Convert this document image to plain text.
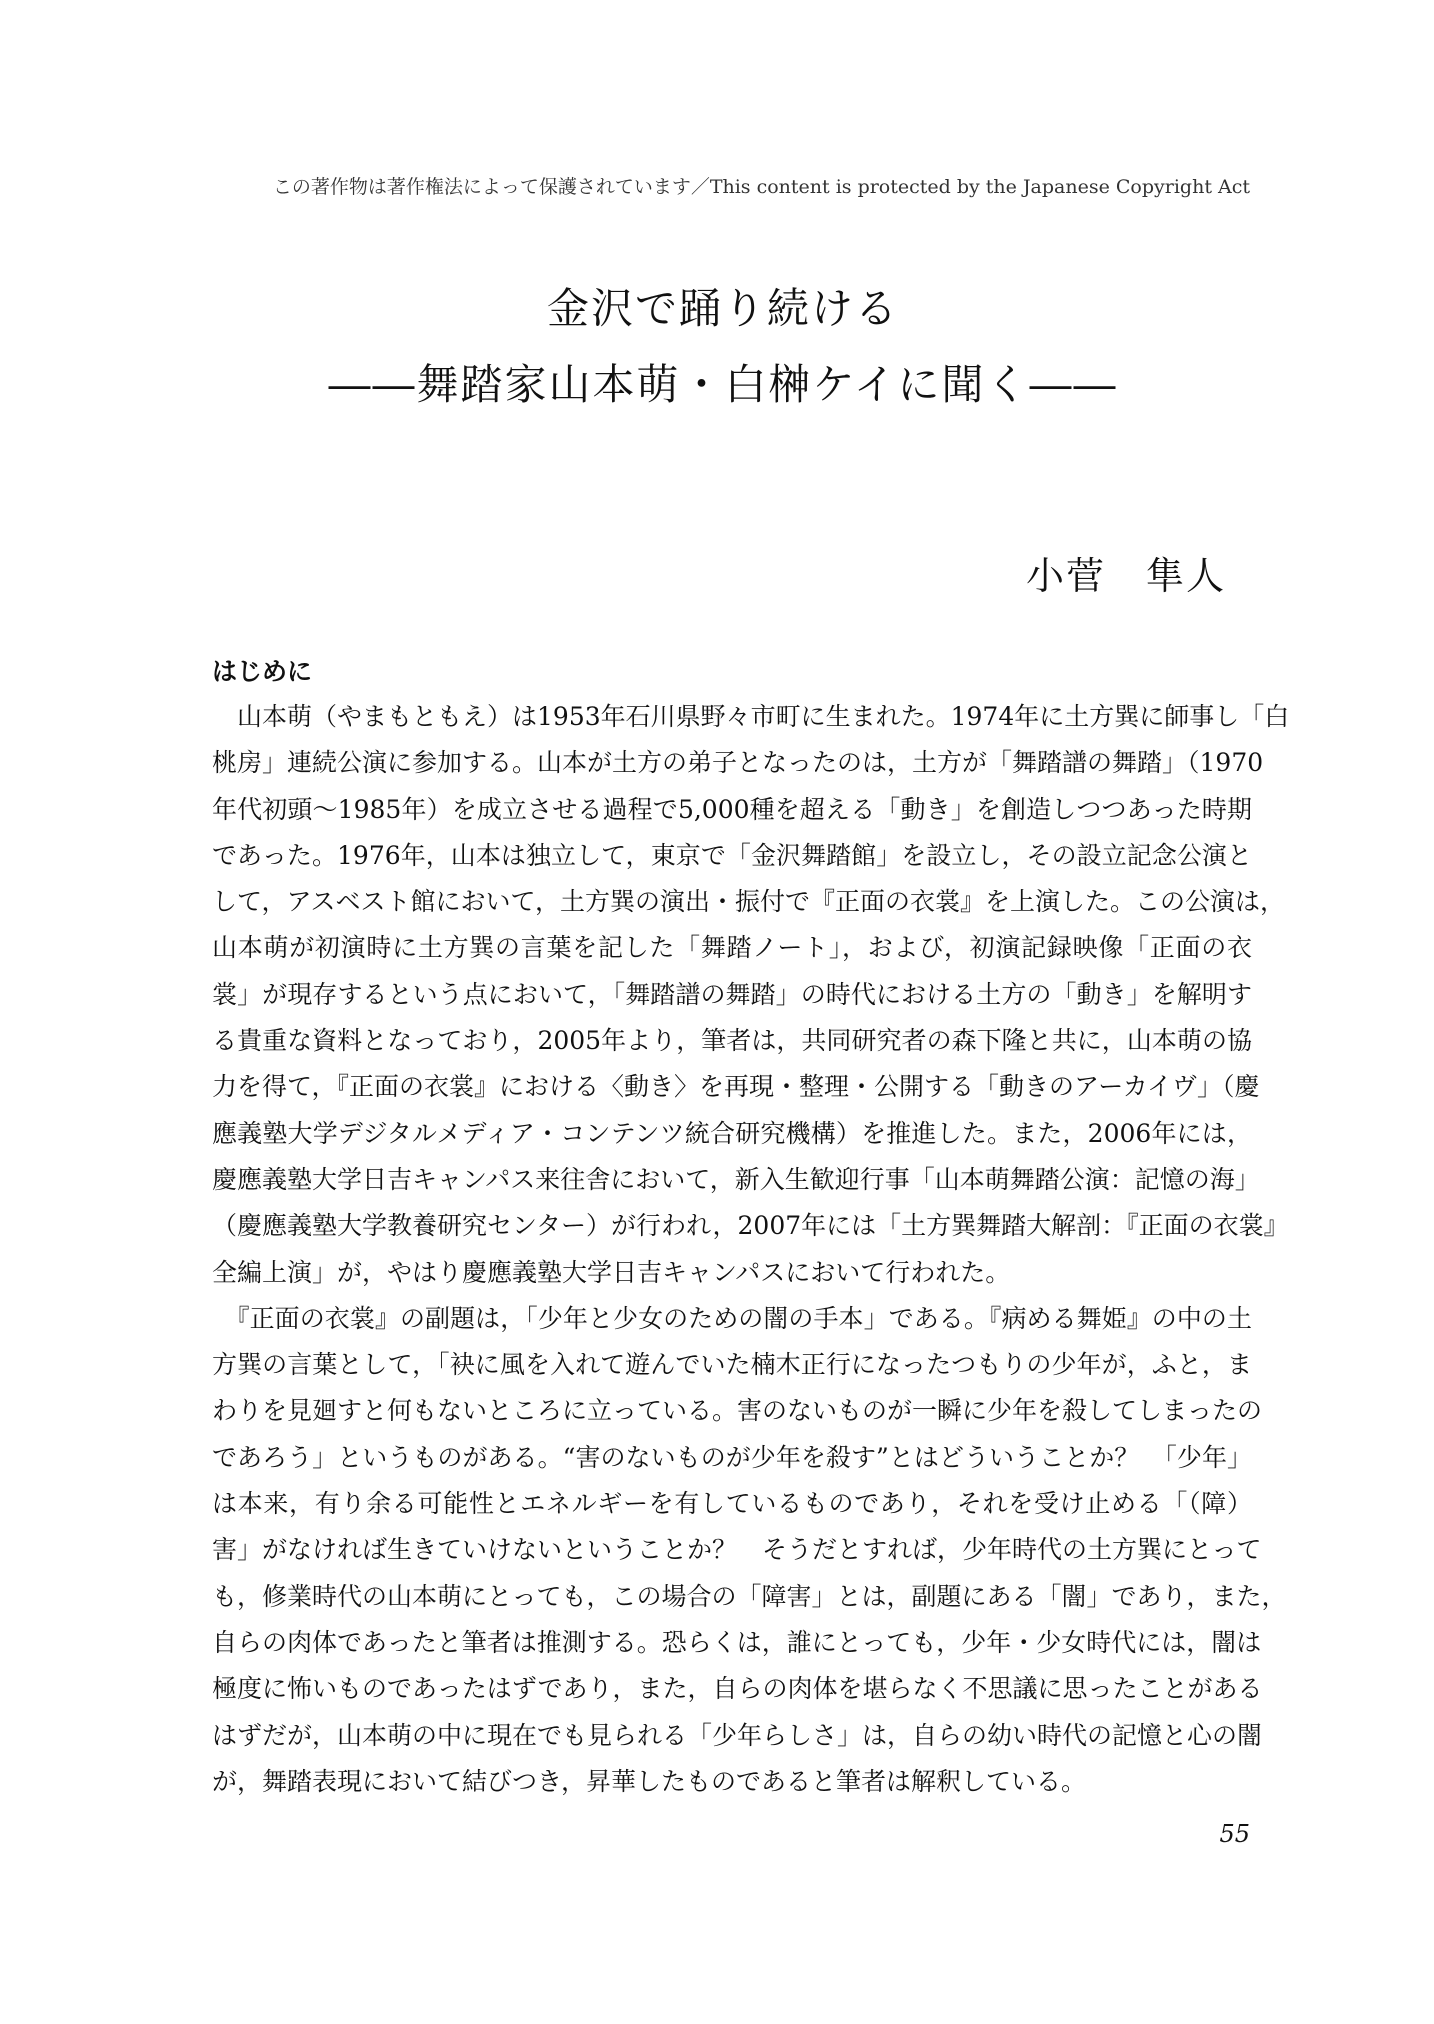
この著作物は著作権法によって保護されています／This content is protected by the Japanese Copyright Act
金沢で踊り続ける
――舞踏家山本萌・白榊ケイに聞く――
小菅　隼人
はじめに
　山本萌（やまもともえ）は1953年石川県野々市町に生まれた。1974年に土方巽に師事し「白
桃房」連続公演に参加する。山本が土方の弟子となったのは，土方が「舞踏譜の舞踏」（1970
年代初頭～1985年）を成立させる過程で5,000種を超える「動き」を創造しつつあった時期
であった。1976年，山本は独立して，東京で「金沢舞踏館」を設立し，その設立記念公演と
して，アスベスト館において，土方巽の演出・振付で『正面の衣裳』を上演した。この公演は，
山本萌が初演時に土方巽の言葉を記した「舞踏ノート」，および，初演記録映像「正面の衣
裳」が現存するという点において，「舞踏譜の舞踏」の時代における土方の「動き」を解明す
る貴重な資料となっており，2005年より，筆者は，共同研究者の森下隆と共に，山本萌の協
力を得て，『正面の衣裳』における〈動き〉を再現・整理・公開する「動きのアーカイヴ」（慶
應義塾大学デジタルメディア・コンテンツ統合研究機構）を推進した。また，2006年には，
慶應義塾大学日吉キャンパス来往舎において，新入生歓迎行事「山本萌舞踏公演：記憶の海」
（慶應義塾大学教養研究センター）が行われ，2007年には「土方巽舞踏大解剖：『正面の衣裳』
全編上演」が，やはり慶應義塾大学日吉キャンパスにおいて行われた。
　『正面の衣裳』の副題は，「少年と少女のための闇の手本」である。『病める舞姫』の中の土
方巽の言葉として，「袂に風を入れて遊んでいた楠木正行になったつもりの少年が，ふと，ま
わりを見廻すと何もないところに立っている。害のないものが一瞬に少年を殺してしまったの
であろう」というものがある。“害のないものが少年を殺す”とはどういうことか？　「少年」
は本来，有り余る可能性とエネルギーを有しているものであり，それを受け止める「（障）
害」がなければ生きていけないということか？　そうだとすれば，少年時代の土方巽にとって
も，修業時代の山本萌にとっても，この場合の「障害」とは，副題にある「闇」であり，また，
自らの肉体であったと筆者は推測する。恐らくは，誰にとっても，少年・少女時代には，闇は
極度に怖いものであったはずであり，また，自らの肉体を堪らなく不思議に思ったことがある
はずだが，山本萌の中に現在でも見られる「少年らしさ」は，自らの幼い時代の記憶と心の闇
が，舞踏表現において結びつき，昇華したものであると筆者は解釈している。
55
